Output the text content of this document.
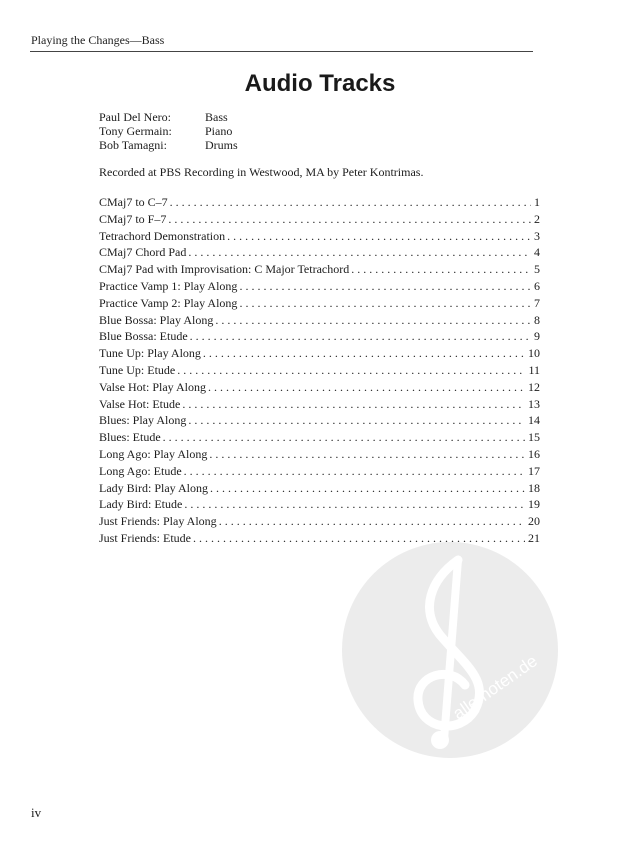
Playing the Changes—Bass
Audio Tracks
Paul Del Nero:	Bass
Tony Germain:	Piano
Bob Tamagni:	Drums
Recorded at PBS Recording in Westwood, MA by Peter Kontrimas.
CMaj7 to C–7 . . .	1
CMaj7 to F–7 . . .	2
Tetrachord Demonstration . . .	3
CMaj7 Chord Pad . . .	4
CMaj7 Pad with Improvisation: C Major Tetrachord . . .	5
Practice Vamp 1: Play Along . . .	6
Practice Vamp 2: Play Along . . .	7
Blue Bossa: Play Along . . .	8
Blue Bossa: Etude . . .	9
Tune Up: Play Along . . .	10
Tune Up: Etude . . .	11
Valse Hot: Play Along . . .	12
Valse Hot: Etude . . .	13
Blues: Play Along . . .	14
Blues: Etude . . .	15
Long Ago: Play Along . . .	16
Long Ago: Etude . . .	17
Lady Bird: Play Along . . .	18
Lady Bird: Etude . . .	19
Just Friends: Play Along . . .	20
Just Friends: Etude . . .	21
iv
alle-noten.de
